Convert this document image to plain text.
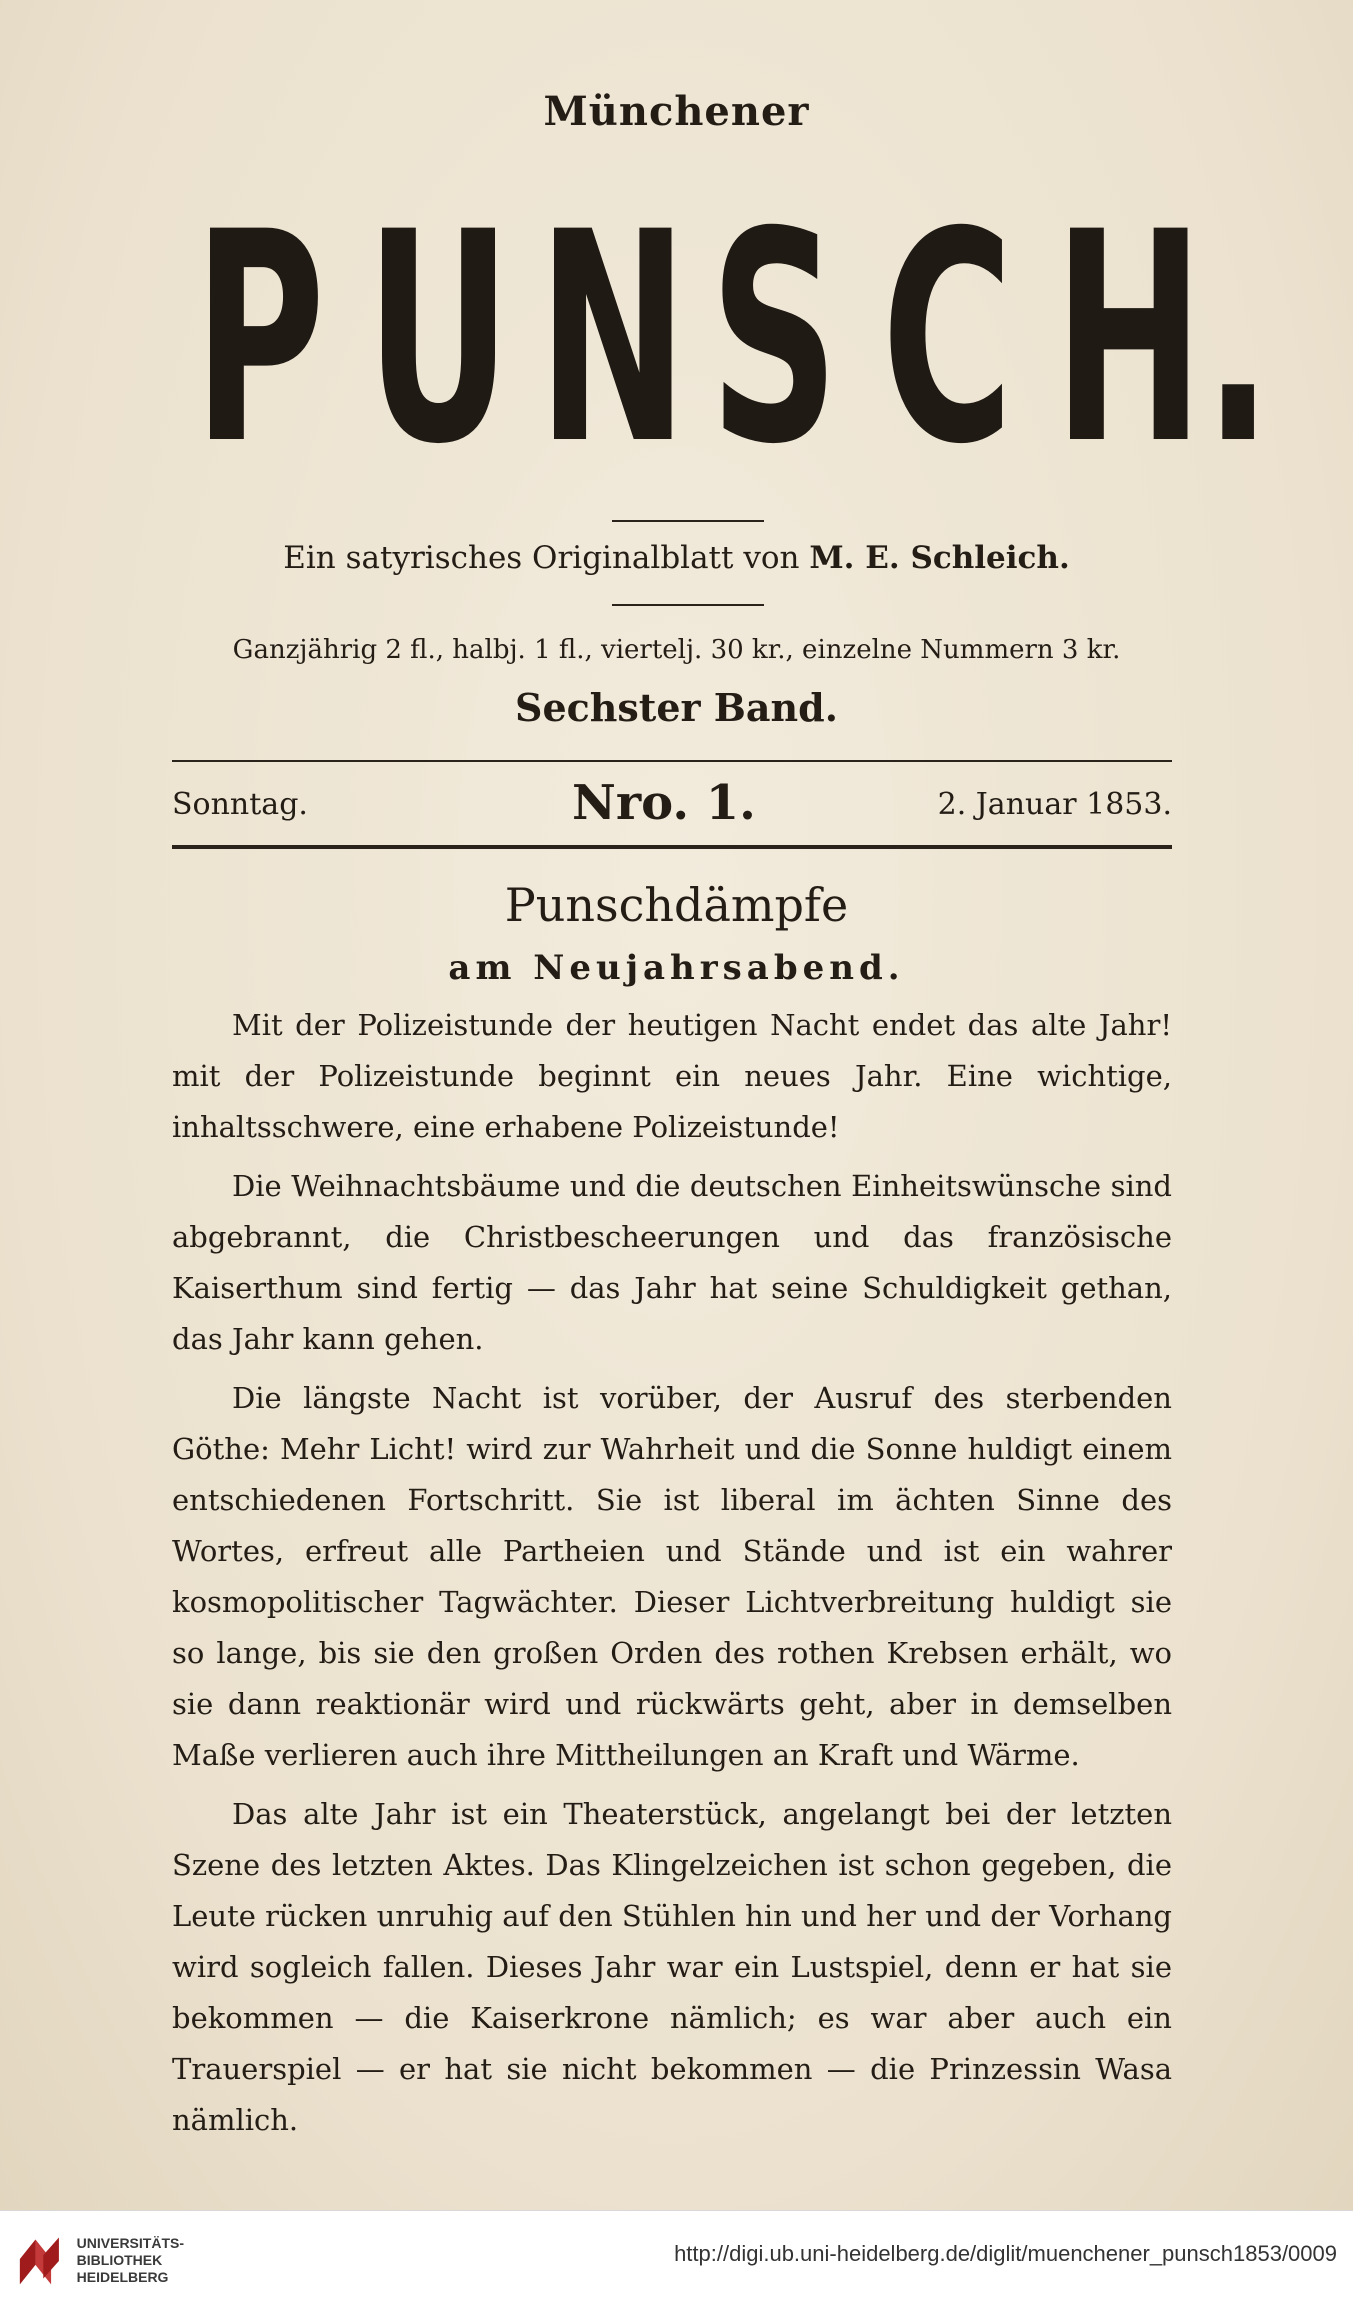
Münchener
P U N S C H.
Ein satyrisches Originalblatt von M. E. Schleich.
Ganzjährig 2 fl., halbj. 1 fl., viertelj. 30 kr., einzelne Nummern 3 kr.
Sechster Band.
Sonntag.	Nro. 1.	2. Januar 1853.
Punschdämpfe
am Neujahrsabend.

Mit der Polizeistunde der heutigen Nacht endet das alte Jahr! mit der Polizeistunde beginnt ein neues Jahr. Eine wichtige, inhaltsschwere, eine erhabene Polizeistunde!

Die Weihnachtsbäume und die deutschen Einheitswünsche sind abgebrannt, die Christbescheerungen und das französische Kaiserthum sind fertig — das Jahr hat seine Schuldigkeit gethan, das Jahr kann gehen.

Die längste Nacht ist vorüber, der Ausruf des sterbenden Göthe: Mehr Licht! wird zur Wahrheit und die Sonne huldigt einem entschiedenen Fortschritt. Sie ist liberal im ächten Sinne des Wortes, erfreut alle Partheien und Stände und ist ein wahrer kosmopolitischer Tagwächter. Dieser Lichtverbreitung huldigt sie so lange, bis sie den großen Orden des rothen Krebsen erhält, wo sie dann reaktionär wird und rückwärts geht, aber in demselben Maße verlieren auch ihre Mittheilungen an Kraft und Wärme.

Das alte Jahr ist ein Theaterstück, angelangt bei der letzten Szene des letzten Aktes. Das Klingelzeichen ist schon gegeben, die Leute rücken unruhig auf den Stühlen hin und her und der Vorhang wird sogleich fallen. Dieses Jahr war ein Lustspiel, denn er hat sie bekommen — die Kaiserkrone nämlich; es war aber auch ein Trauerspiel — er hat sie nicht bekommen — die Prinzessin Wasa nämlich.

UNIVERSITÄTS-
BIBLIOTHEK
HEIDELBERG
http://digi.ub.uni-heidelberg.de/diglit/muenchener_punsch1853/0009
